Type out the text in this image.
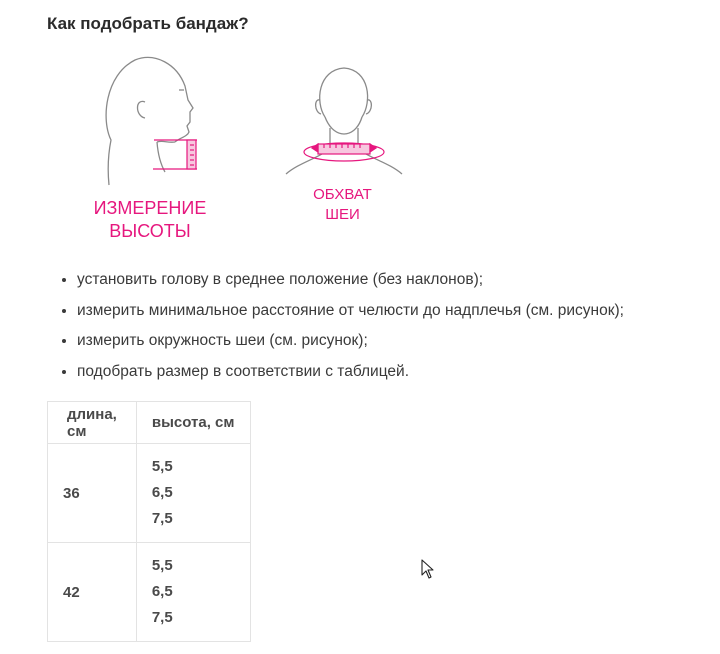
Как подобрать бандаж?
ИЗМЕРЕНИЕ
ВЫСОТЫ
ОБХВАТ
ШЕИ
• установить голову в среднее положение (без наклонов);
• измерить минимальное расстояние от челюсти до надплечья (см. рисунок);
• измерить окружность шеи (см. рисунок);
• подобрать размер в соответствии с таблицей.
длина, см	высота, см
36	5,5
6,5
7,5

42	5,5
6,5
7,5
